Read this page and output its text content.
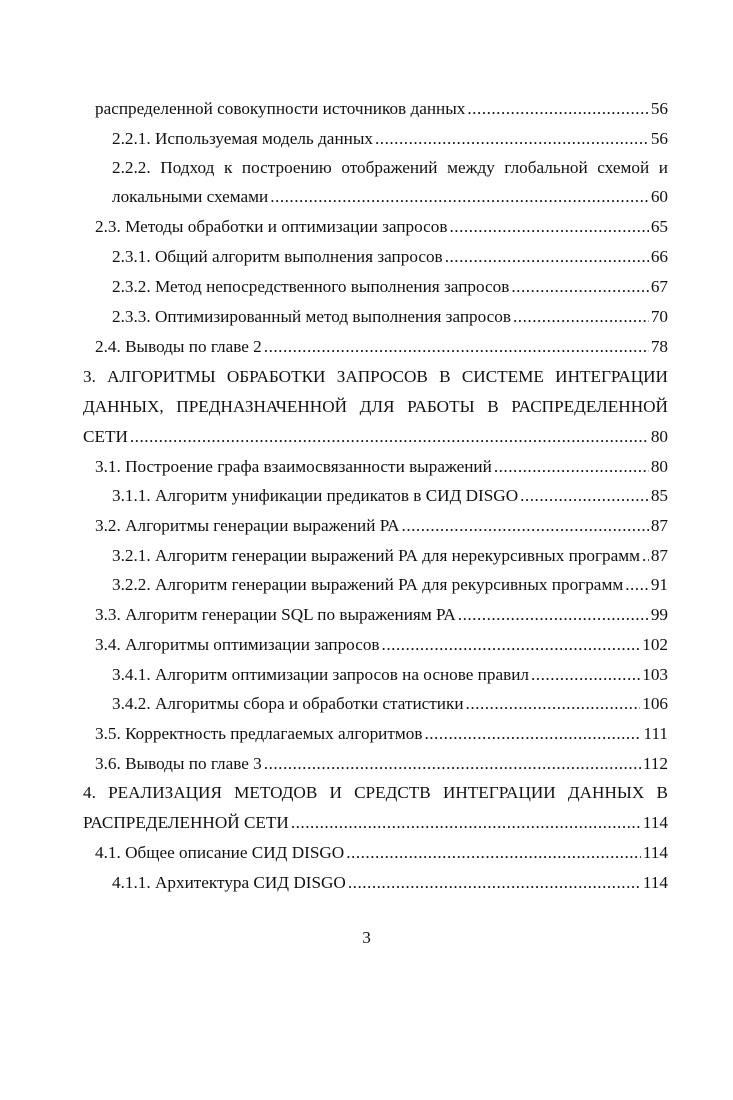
распределенной совокупности источников данных .....	56
2.2.1. Используемая модель данных .....	56
2.2.2. Подход к построению отображений между глобальной схемой и
локальными схемами .....	60
2.3. Методы обработки и оптимизации запросов .....	65
2.3.1. Общий алгоритм выполнения запросов .....	66
2.3.2. Метод непосредственного выполнения запросов .....	67
2.3.3. Оптимизированный метод выполнения запросов .....	70
2.4. Выводы по главе 2 .....	78
3. АЛГОРИТМЫ ОБРАБОТКИ ЗАПРОСОВ В СИСТЕМЕ ИНТЕГРАЦИИ
ДАННЫХ, ПРЕДНАЗНАЧЕННОЙ ДЛЯ РАБОТЫ В РАСПРЕДЕЛЕННОЙ
СЕТИ .....	80
3.1. Построение графа взаимосвязанности выражений .....	80
3.1.1. Алгоритм унификации предикатов в СИД DISGO .....	85
3.2. Алгоритмы генерации выражений РА .....	87
3.2.1. Алгоритм генерации выражений РА для нерекурсивных программ ..... 87
3.2.2. Алгоритм генерации выражений РА для рекурсивных программ ..... 91
3.3. Алгоритм генерации SQL по выражениям РА .....	99
3.4. Алгоритмы оптимизации запросов .....	102
3.4.1. Алгоритм оптимизации запросов на основе правил .....	103
3.4.2. Алгоритмы сбора и обработки статистики .....	106
3.5. Корректность предлагаемых алгоритмов .....	111
3.6. Выводы по главе 3 .....	112
4. РЕАЛИЗАЦИЯ МЕТОДОВ И СРЕДСТВ ИНТЕГРАЦИИ ДАННЫХ В
РАСПРЕДЕЛЕННОЙ СЕТИ .....	114
4.1. Общее описание СИД DISGO .....	114
4.1.1. Архитектура СИД DISGO .....	114
3
